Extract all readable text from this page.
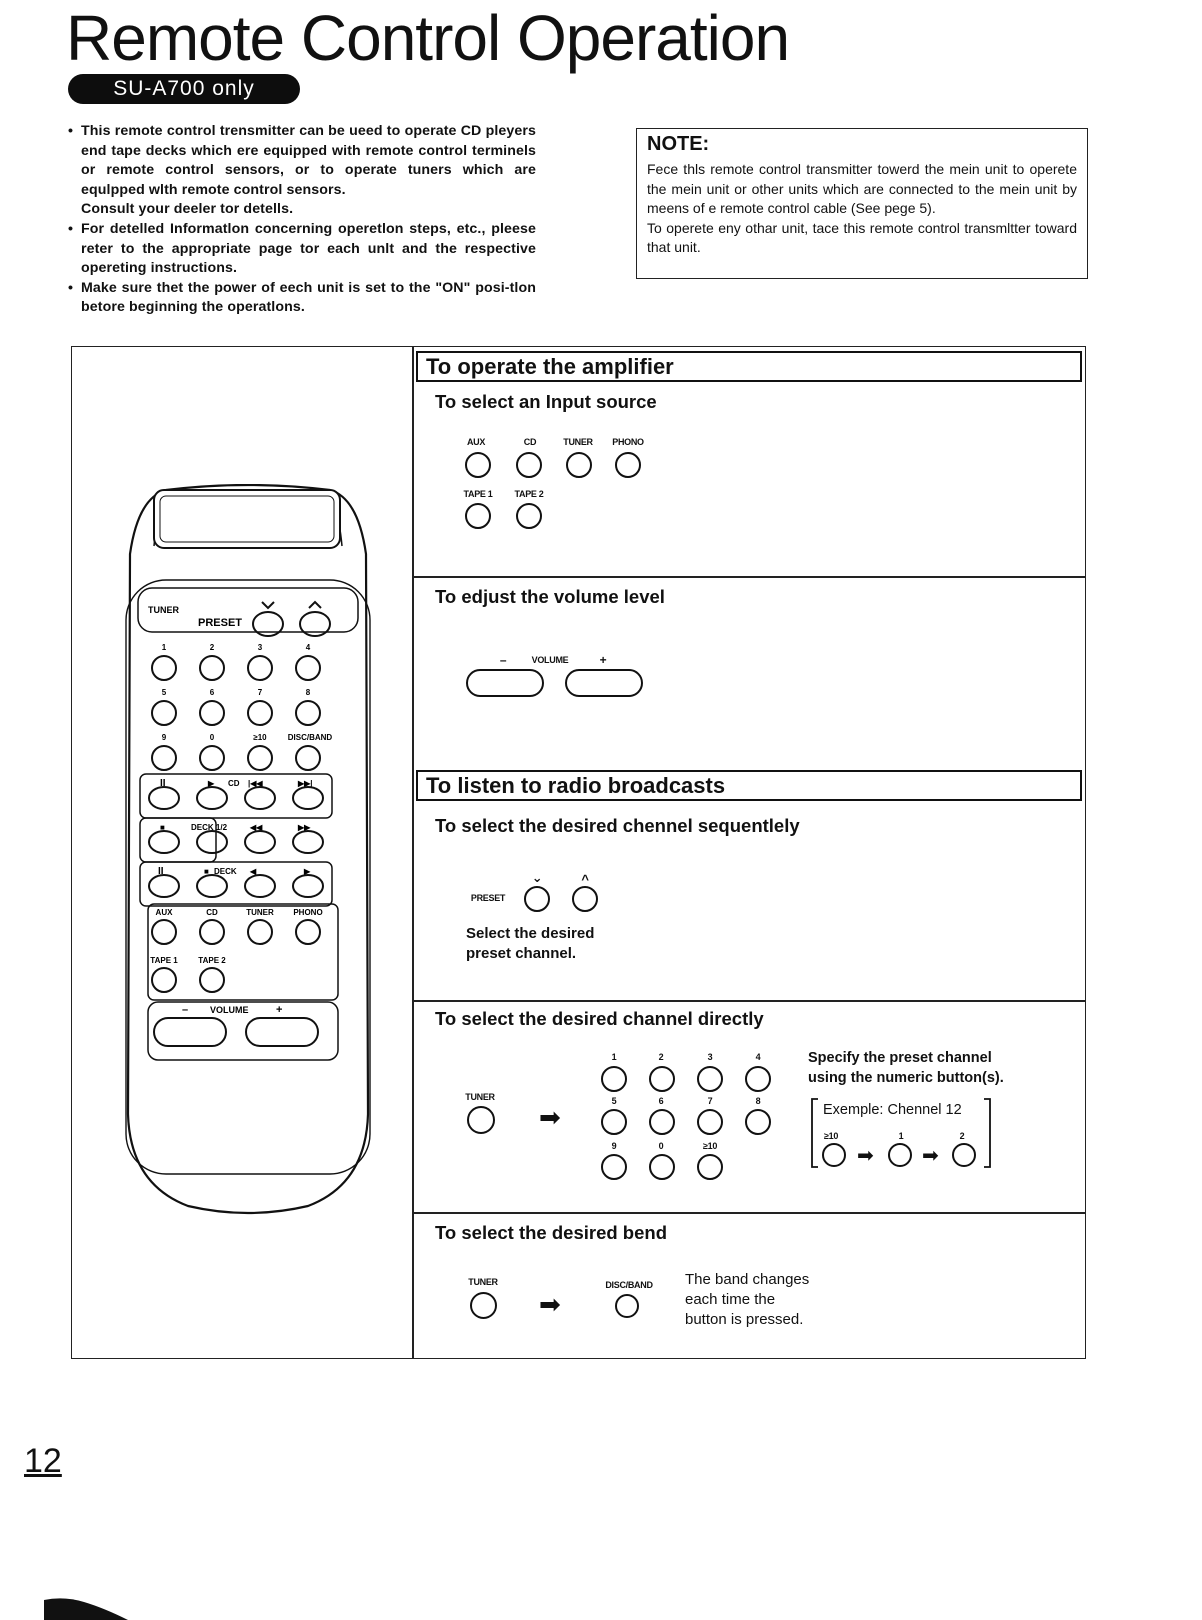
Remote Control Operation
SU-A700 only
• This remote control trensmitter can be ueed to operate CD pleyers end tape decks which ere equipped with remote control terminels or remote control sensors, or to operate tuners which are equlpped wlth remote control sensors.
Consult your deeler tor detells.
• For detelled Informatlon concerning operetlon steps, etc., pleese reter to the appropriate page tor each unlt and the respective opereting instructions.
• Make sure thet the power of eech unit is set to the "ON" posi-tlon betore beginning the operatlons.
NOTE:

Fece thls remote control transmitter towerd the mein unit to operete the mein unit or other units which are connected to the mein unit by meens of e remote control cable (See pege 5).

To operete eny othar unit, tace this remote control transmltter toward that unit.

To operate the amplifier
To select an Input source
AUX	CD	TUNER PHONO
TAPE 1 TAPE 2
To edjust the volume level
–	VOLUME	+
To listen to radio broadcasts
To select the desired chennel sequentlely
PRESET
⌄	^
Select the desired
preset channel.
To select the desired channel directly
TUNER
➡
1	2	3	4
5	6	7	8
9	0	≥10
Specify the preset channel
using the numeric button(s).
Exemple: Chennel 12
≥10	1	2
➡ ➡
To select the desired bend
TUNER
➡
DISC/BAND The band changes
each time the
button is pressed.
TUNER
PRESET
1	2	3	4
5	6	7	8
9	0	≥10	DISC/BAND
II	▶ CD |◀◀	▶▶|
■	DECK 1/2	◀◀	▶▶
II	■ DECK ◀	▶
AUX	CD	TUNER PHONO
TAPE 1	TAPE 2
– VOLUME +
12
